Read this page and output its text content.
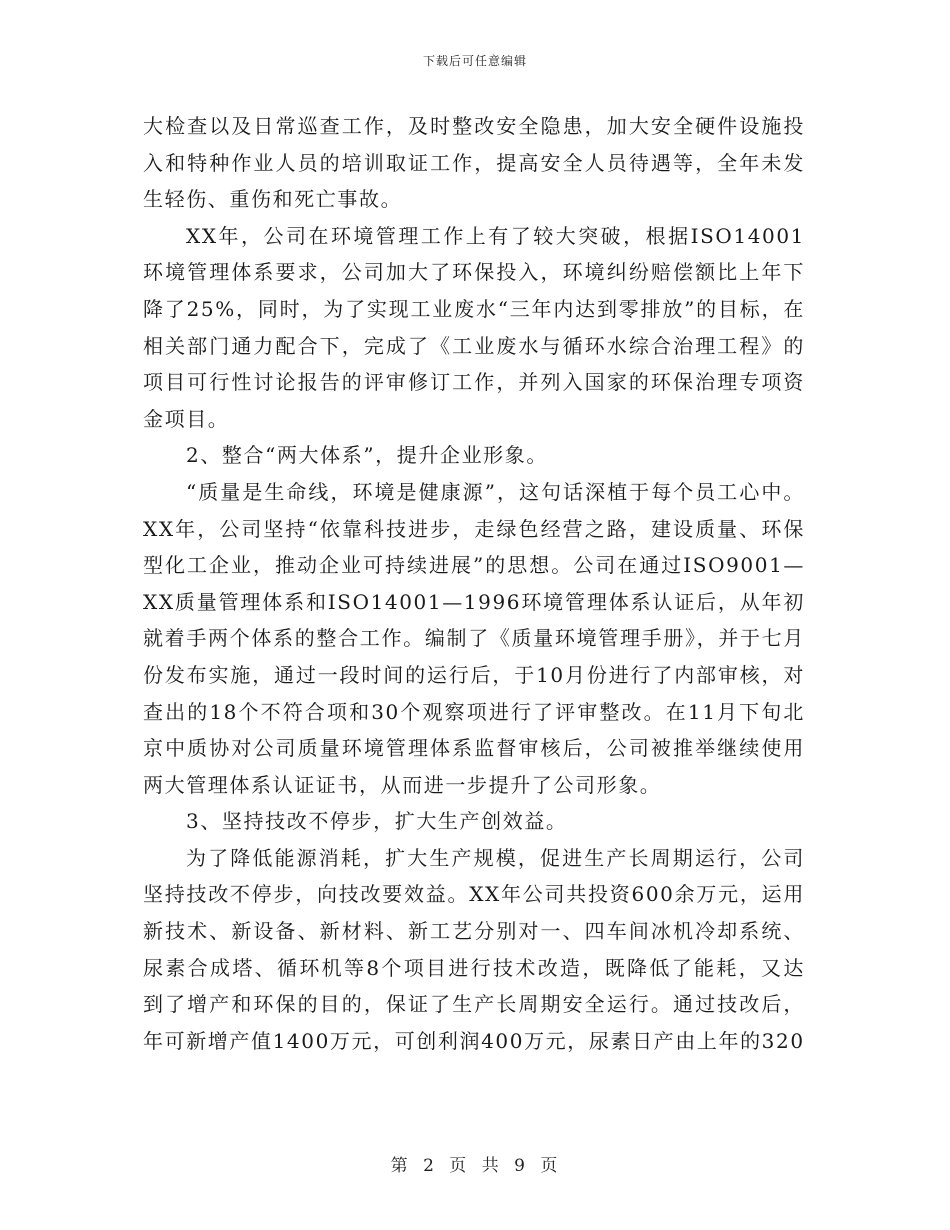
下载后可任意编辑

大检查以及日常巡查工作，及时整改安全隐患，加大安全硬件设施投入和特种作业人员的培训取证工作，提高安全人员待遇等，全年未发生轻伤、重伤和死亡事故。

XX年，公司在环境管理工作上有了较大突破，根据ISO14001环境管理体系要求，公司加大了环保投入，环境纠纷赔偿额比上年下降了25%，同时，为了实现工业废水“三年内达到零排放”的目标，在相关部门通力配合下，完成了《工业废水与循环水综合治理工程》的项目可行性讨论报告的评审修订工作，并列入国家的环保治理专项资金项目。

2、整合“两大体系”，提升企业形象。

“质量是生命线，环境是健康源”，这句话深植于每个员工心中。XX年，公司坚持“依靠科技进步，走绿色经营之路，建设质量、环保型化工企业，推动企业可持续进展”的思想。公司在通过ISO9001—XX质量管理体系和ISO14001—1996环境管理体系认证后，从年初就着手两个体系的整合工作。编制了《质量环境管理手册》，并于七月份发布实施，通过一段时间的运行后，于10月份进行了内部审核，对查出的18个不符合项和30个观察项进行了评审整改。在11月下旬北京中质协对公司质量环境管理体系监督审核后，公司被推举继续使用两大管理体系认证证书，从而进一步提升了公司形象。

3、坚持技改不停步，扩大生产创效益。

为了降低能源消耗，扩大生产规模，促进生产长周期运行，公司坚持技改不停步，向技改要效益。XX年公司共投资600余万元，运用新技术、新设备、新材料、新工艺分别对一、四车间冰机冷却系统、尿素合成塔、循环机等8个项目进行技术改造，既降低了能耗，又达到了增产和环保的目的，保证了生产长周期安全运行。通过技改后，年可新增产值1400万元，可创利润400万元，尿素日产由上年的320

第 2 页 共 9 页
